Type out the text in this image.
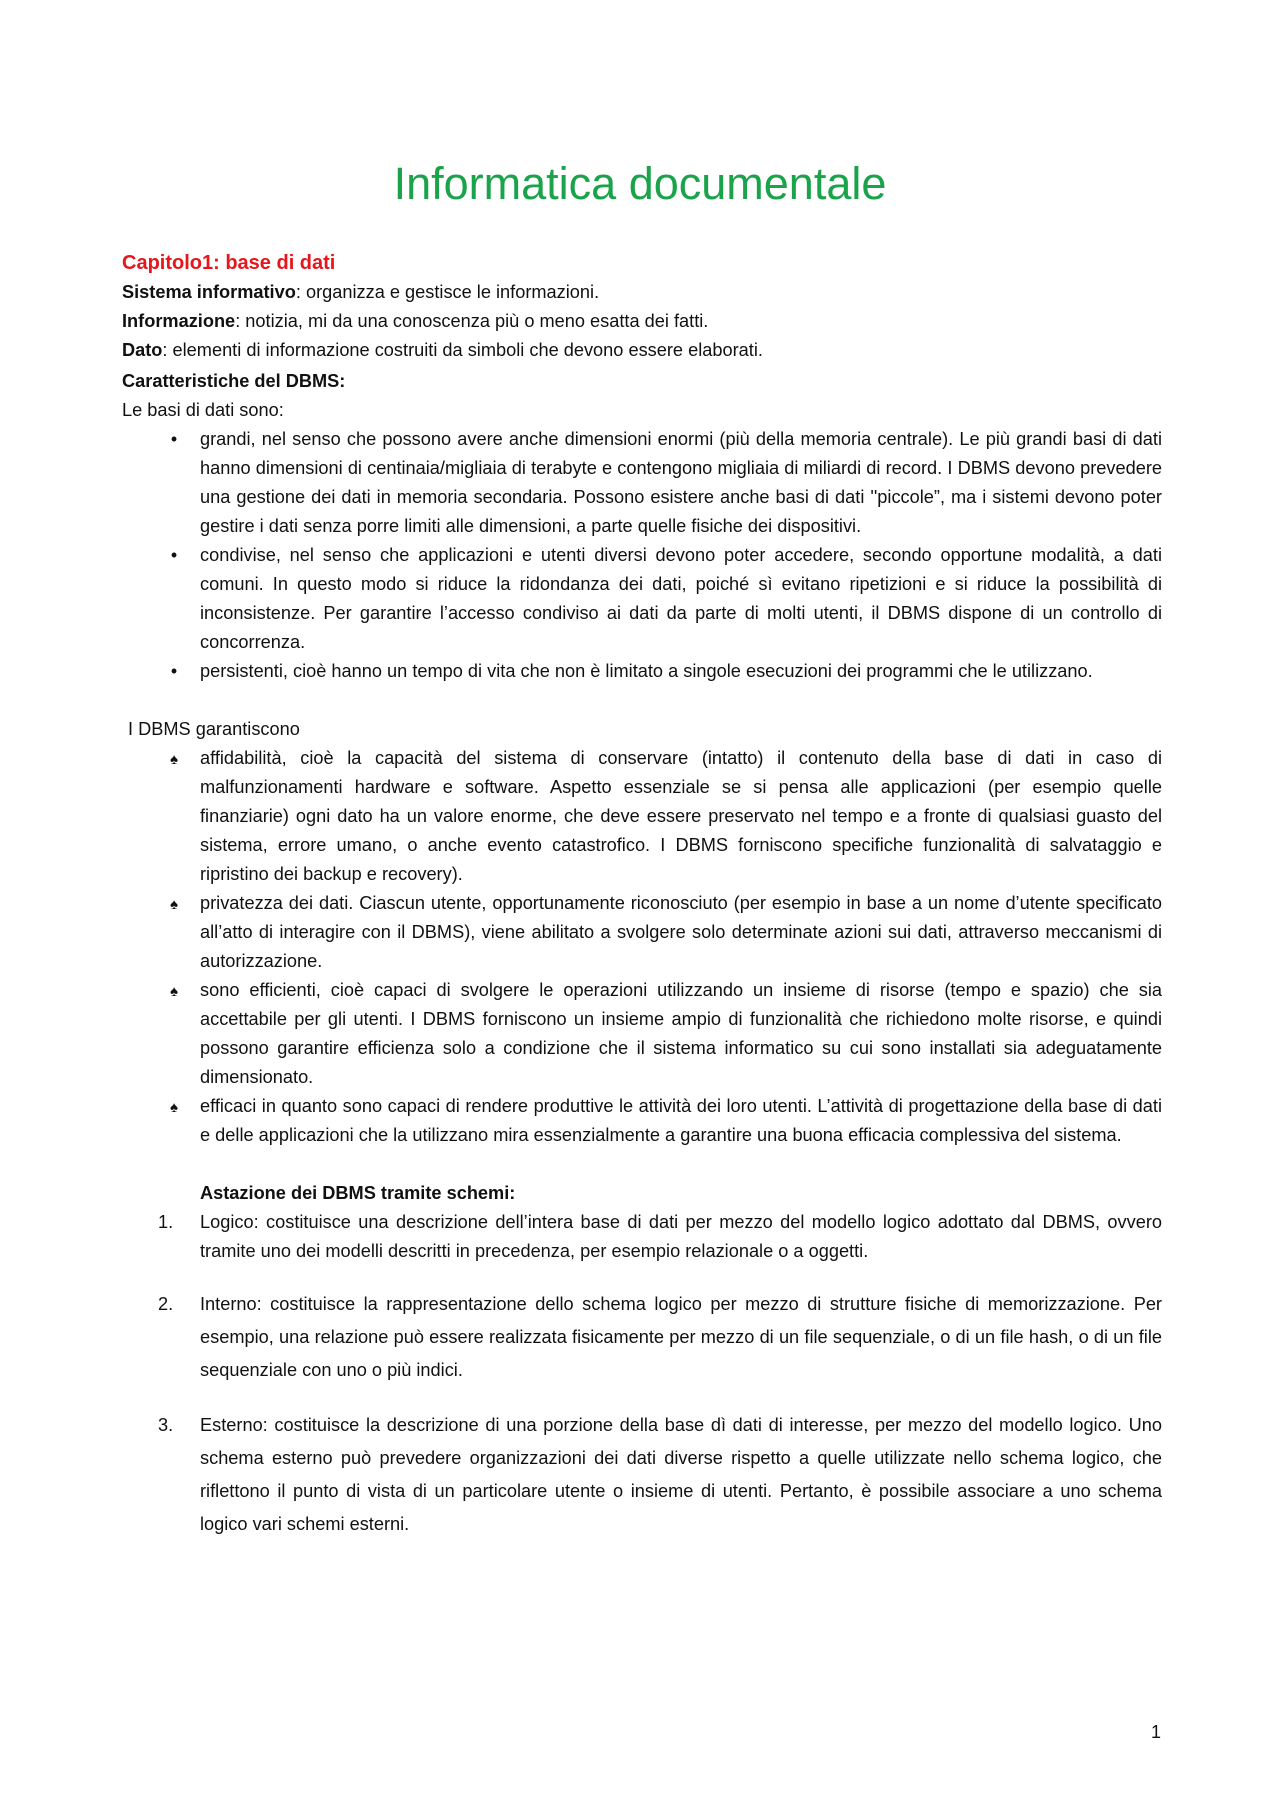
Informatica documentale
Capitolo1: base di dati
Sistema informativo: organizza e gestisce le informazioni.
Informazione: notizia, mi da una conoscenza più o meno esatta dei fatti.
Dato: elementi di informazione costruiti da simboli che devono essere elaborati.
Caratteristiche del DBMS:
Le basi di dati sono:
•	grandi, nel senso che possono avere anche dimensioni enormi (più della memoria centrale). Le più grandi basi di dati hanno dimensioni di centinaia/migliaia di terabyte e contengono migliaia di miliardi di record. I DBMS devono prevedere una gestione dei dati in memoria secondaria. Possono esistere anche basi di dati ''piccole”, ma i sistemi devono poter gestire i dati senza porre limiti alle dimensioni, a parte quelle fisiche dei dispositivi.
•	condivise, nel senso che applicazioni e utenti diversi devono poter accedere, secondo opportune modalità, a dati comuni. In questo modo si riduce la ridondanza dei dati, poiché sì evitano ripetizioni e si riduce la possibilità di inconsistenze. Per garantire l’accesso condiviso ai dati da parte di molti utenti, il DBMS dispone di un controllo di concorrenza.
•	persistenti, cioè hanno un tempo di vita che non è limitato a singole esecuzioni dei programmi che le utilizzano.
I DBMS garantiscono
♠	affidabilità, cioè la capacità del sistema di conservare (intatto) il contenuto della base di dati in caso di malfunzionamenti hardware e software. Aspetto essenziale se si pensa alle applicazioni (per esempio quelle finanziarie) ogni dato ha un valore enorme, che deve essere preservato nel tempo e a fronte di qualsiasi guasto del sistema, errore umano, o anche evento catastrofico. I DBMS forniscono specifiche funzionalità di salvataggio e ripristino dei backup e recovery).
♠	privatezza dei dati. Ciascun utente, opportunamente riconosciuto (per esempio in base a un nome d’utente specificato all’atto di interagire con il DBMS), viene abilitato a svolgere solo determinate azioni sui dati, attraverso meccanismi di autorizzazione.
♠	sono efficienti, cioè capaci di svolgere le operazioni utilizzando un insieme di risorse (tempo e spazio) che sia accettabile per gli utenti. I DBMS forniscono un insieme ampio di funzionalità che richiedono molte risorse, e quindi possono garantire efficienza solo a condizione che il sistema informatico su cui sono installati sia adeguatamente dimensionato.
♠	efficaci in quanto sono capaci di rendere produttive le attività dei loro utenti. L’attività di progettazione della base di dati e delle applicazioni che la utilizzano mira essenzialmente a garantire una buona efficacia complessiva del sistema.
Astazione dei DBMS tramite schemi:
1. Logico: costituisce una descrizione dell’intera base di dati per mezzo del modello logico adottato dal DBMS, ovvero tramite uno dei modelli descritti in precedenza, per esempio relazionale o a oggetti.
2. Interno: costituisce la rappresentazione dello schema logico per mezzo di strutture fisiche di memorizzazione. Per esempio, una relazione può essere realizzata fisicamente per mezzo di un file sequenziale, o di un file hash, o di un file sequenziale con uno o più indici.
3. Esterno: costituisce la descrizione di una porzione della base dì dati di interesse, per mezzo del modello logico. Uno schema esterno può prevedere organizzazioni dei dati diverse rispetto a quelle utilizzate nello schema logico, che riflettono il punto di vista di un particolare utente o insieme di utenti. Pertanto, è possibile associare a uno schema logico vari schemi esterni.
1
